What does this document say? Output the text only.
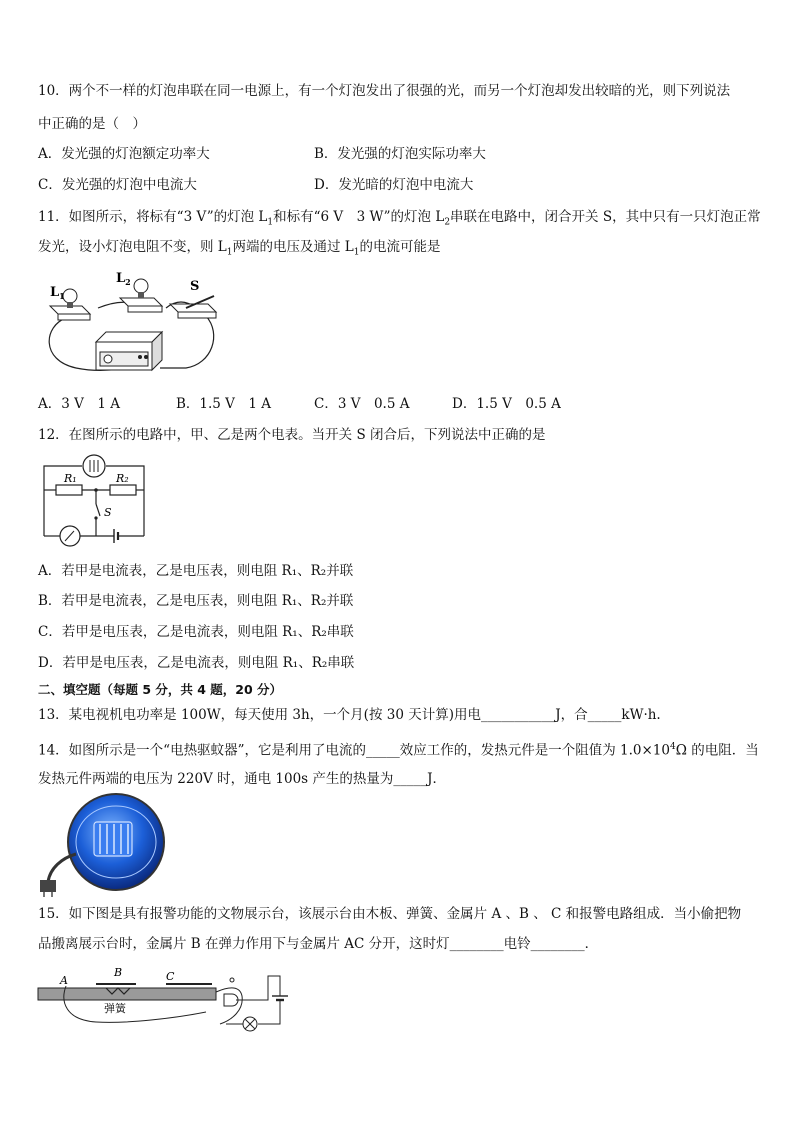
10．两个不一样的灯泡串联在同一电源上，有一个灯泡发出了很强的光，而另一个灯泡却发出较暗的光，则下列说法
中正确的是（　）
A．发光强的灯泡额定功率大	B．发光强的灯泡实际功率大
C．发光强的灯泡中电流大	D．发光暗的灯泡中电流大
11．如图所示，将标有“3 V”的灯泡 $L_1$和标有“6 V　3 W”的灯泡 $L_2$串联在电路中，闭合开关 S，其中只有一只灯泡正常
发光，设小灯泡电阻不变，则 $L_1$两端的电压及通过 $L_1$的电流可能是
$L_1$
$L_2$	S
A．3 V　1 A	B．1.5 V　1 A	C．3 V　0.5 A	D．1.5 V　0.5 A
12．在图所示的电路中，甲、乙是两个电表。当开关 S 闭合后，下列说法中正确的是
R₁	R₂
S
A．若甲是电流表，乙是电压表，则电阻 R₁、R₂并联
B．若甲是电流表，乙是电压表，则电阻 R₁、R₂并联
C．若甲是电压表，乙是电流表，则电阻 R₁、R₂串联
D．若甲是电压表，乙是电流表，则电阻 R₁、R₂串联
二、填空题（每题 5 分，共 4 题，20 分）
13．某电视机电功率是 100W，每天使用 3h，一个月(按 30 天计算)用电___________J，合_____kW·h.
14．如图所示是一个“电热驱蚊器”，它是利用了电流的_____效应工作的，发热元件是一个阻值为 $1.0\times 10^4\Omega$ 的电阻．当
发热元件两端的电压为 220V 时，通电 100s 产生的热量为_____J．
15．如下图是具有报警功能的文物展示台，该展示台由木板、弹簧、金属片 A 、B 、 C 和报警电路组成．当小偷把物
品搬离展示台时，金属片 B 在弹力作用下与金属片 AC 分开，这时灯________电铃________．
A
B	C
弹簧
